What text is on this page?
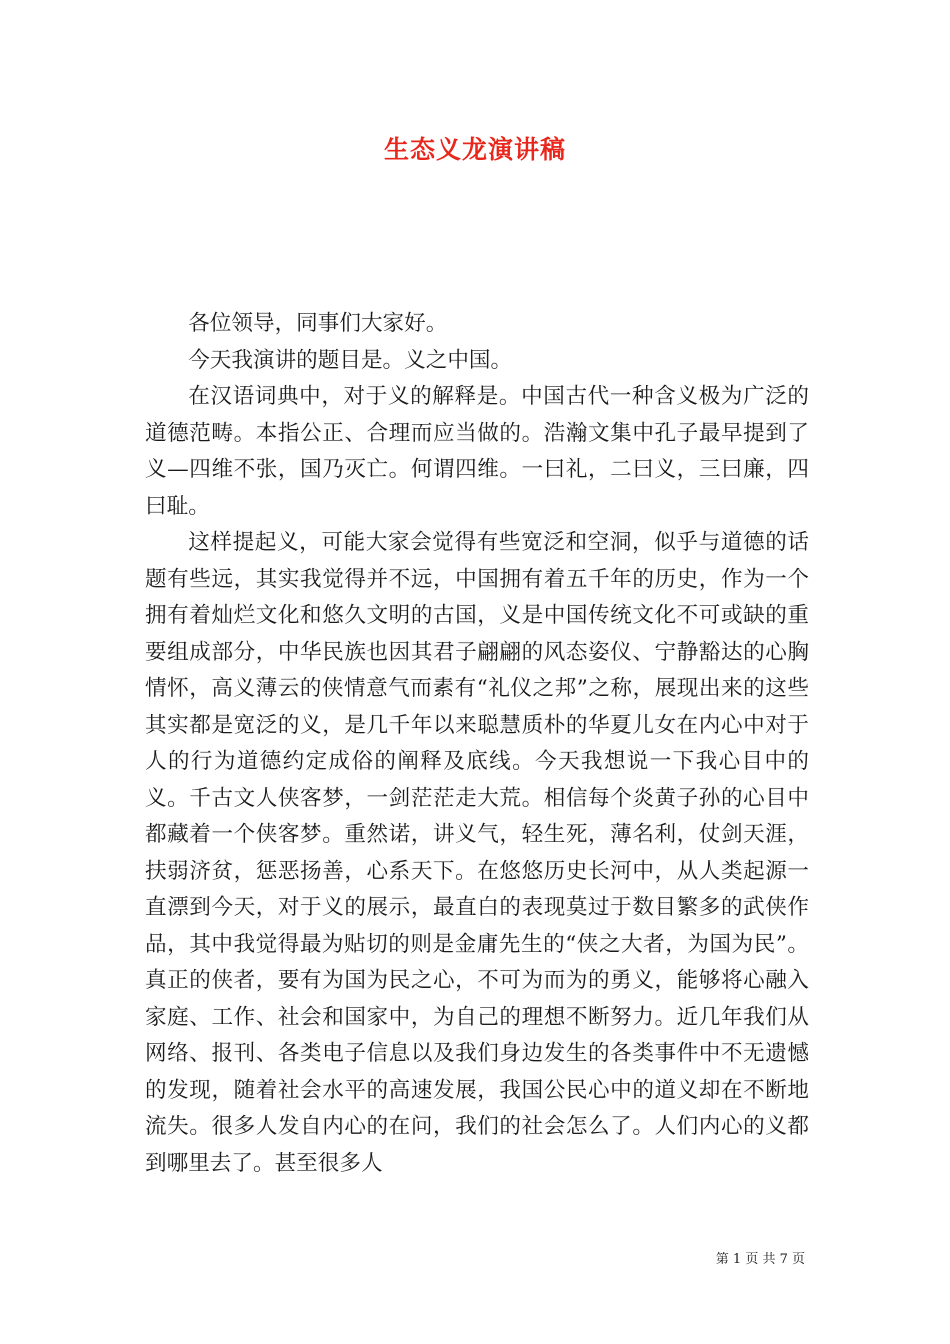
生态义龙演讲稿

各位领导，同事们大家好。

今天我演讲的题目是。义之中国。

在汉语词典中，对于义的解释是。中国古代一种含义极为广泛的道德范畴。本指公正、合理而应当做的。浩瀚文集中孔子最早提到了义—四维不张，国乃灭亡。何谓四维。一曰礼，二曰义，三曰廉，四曰耻。

这样提起义，可能大家会觉得有些宽泛和空洞，似乎与道德的话题有些远，其实我觉得并不远，中国拥有着五千年的历史，作为一个拥有着灿烂文化和悠久文明的古国，义是中国传统文化不可或缺的重要组成部分，中华民族也因其君子翩翩的风态姿仪、宁静豁达的心胸情怀，高义薄云的侠情意气而素有“礼仪之邦”之称，展现出来的这些其实都是宽泛的义，是几千年以来聪慧质朴的华夏儿女在内心中对于人的行为道德约定成俗的阐释及底线。今天我想说一下我心目中的义。千古文人侠客梦，一剑茫茫走大荒。相信每个炎黄子孙的心目中都藏着一个侠客梦。重然诺，讲义气，轻生死，薄名利，仗剑天涯，扶弱济贫，惩恶扬善，心系天下。在悠悠历史长河中，从人类起源一直漂到今天，对于义的展示，最直白的表现莫过于数目繁多的武侠作品，其中我觉得最为贴切的则是金庸先生的“侠之大者，为国为民”。真正的侠者，要有为国为民之心，不可为而为的勇义，能够将心融入家庭、工作、社会和国家中，为自己的理想不断努力。近几年我们从网络、报刊、各类电子信息以及我们身边发生的各类事件中不无遗憾的发现，随着社会水平的高速发展，我国公民心中的道义却在不断地流失。很多人发自内心的在问，我们的社会怎么了。人们内心的义都到哪里去了。甚至很多人

第 1 页 共 7 页
